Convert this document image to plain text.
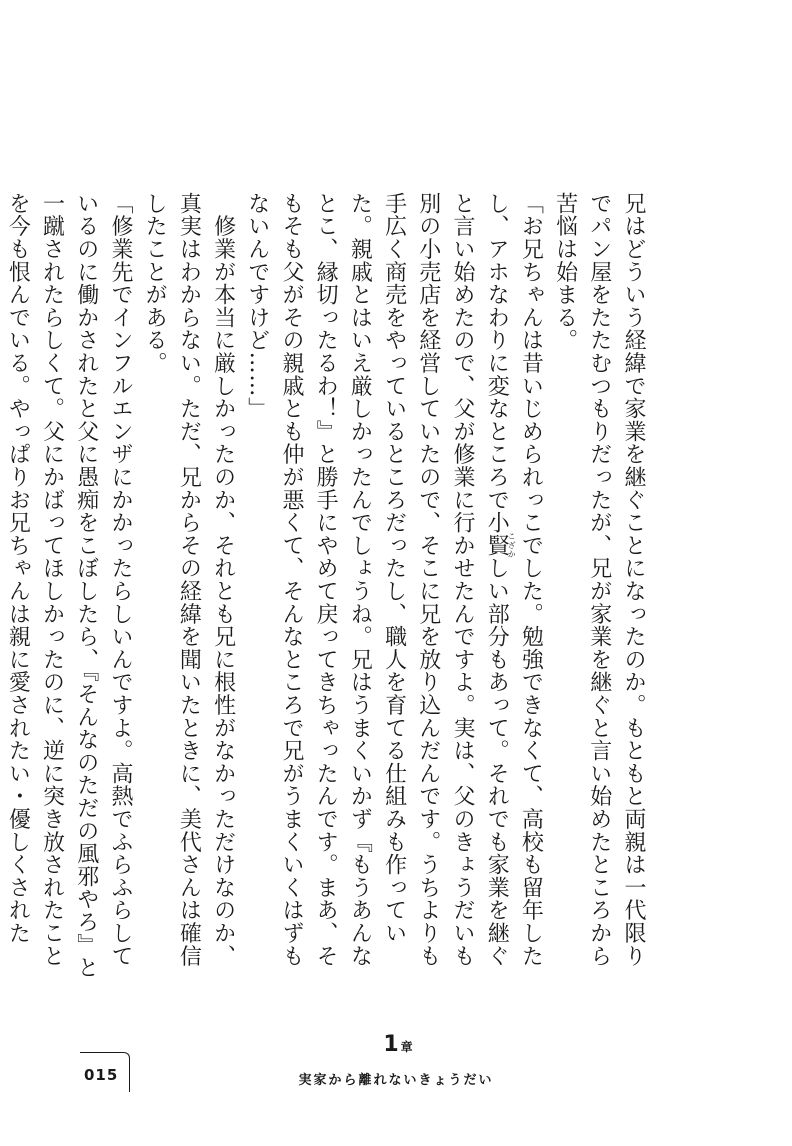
兄はどういう経緯で家業を継ぐことになったのか。もともと両親は一代限りでパン屋をたたむつもりだったが、兄が家業を継ぐと言い始めたところから苦悩は始まる。

「お兄ちゃんは昔いじめられっこでした。勉強できなくて、高校も留年したし、アホなわりに変なところで小賢こざかしい部分もあって。それでも家業を継ぐと言い始めたので、父が修業に行かせたんですよ。実は、父のきょうだいも別の小売店を経営していたので、そこに兄を放り込んだんです。うちよりも手広く商売をやっているところだったし、職人を育てる仕組みも作っていた。親戚とはいえ厳しかったんでしょうね。兄はうまくいかず『もうあんなとこ、縁切ったるわ！』と勝手にやめて戻ってきちゃったんです。まあ、そもそも父がその親戚とも仲が悪くて、そんなところで兄がうまくいくはずもないんですけど……」

　修業が本当に厳しかったのか、それとも兄に根性がなかっただけなのか、真実はわからない。ただ、兄からその経緯を聞いたときに、美代さんは確信したことがある。

「修業先でインフルエンザにかかったらしいんですよ。高熱でふらふらしているのに働かされたと父に愚痴をこぼしたら、『そんなのただの風邪やろ』と一蹴されたらしくて。父にかばってほしかったのに、逆に突き放されたことを今も恨んでいる。やっぱりお兄ちゃんは親に愛されたい・優しくされた

1 章
実家から離れないきょうだい
015
